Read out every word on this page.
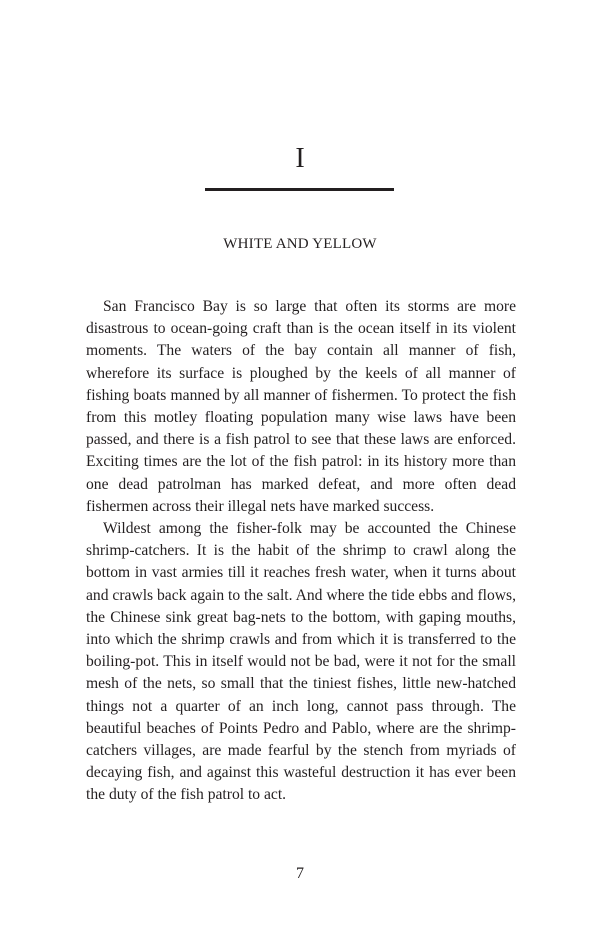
I
WHITE AND YELLOW

San Francisco Bay is so large that often its storms are more disastrous to ocean-going craft than is the ocean itself in its violent moments. The waters of the bay contain all manner of fish, wherefore its surface is ploughed by the keels of all manner of fishing boats manned by all manner of fishermen. To protect the fish from this motley floating population many wise laws have been passed, and there is a fish patrol to see that these laws are enforced. Exciting times are the lot of the fish patrol: in its history more than one dead patrolman has marked defeat, and more often dead fishermen across their illegal nets have marked success.

Wildest among the fisher-folk may be accounted the Chinese shrimp-catchers. It is the habit of the shrimp to crawl along the bottom in vast armies till it reaches fresh water, when it turns about and crawls back again to the salt. And where the tide ebbs and flows, the Chinese sink great bag-nets to the bottom, with gaping mouths, into which the shrimp crawls and from which it is transferred to the boiling-pot. This in itself would not be bad, were it not for the small mesh of the nets, so small that the tiniest fishes, little new-hatched things not a quarter of an inch long, cannot pass through. The beautiful beaches of Points Pedro and Pablo, where are the shrimp-catchers villages, are made fearful by the stench from myriads of decaying fish, and against this wasteful destruction it has ever been the duty of the fish patrol to act.

7
